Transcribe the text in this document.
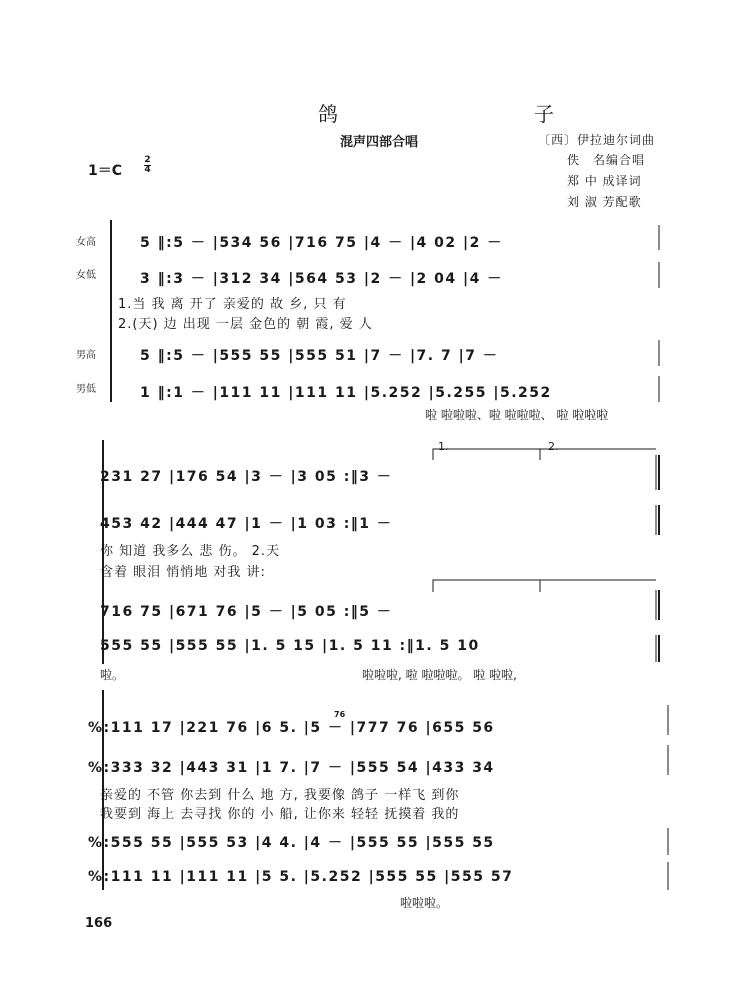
鸽　　子
混声四部合唱	〔西〕伊拉迪尔词曲
佚　名编合唱
郑 中 成译词
刘 淑 芳配歌
1＝C
2
4
女高
女低
男高
男低
5 ‖:5 － |534 56 |716 75 |4 － |4 02 |2 －
3 ‖:3 － |312 34 |564 53 |2 － |2 04 |4 －
1.当 我 离 开了 亲爱的 故 乡, 只 有
2.(天) 边 出现 一层 金色的 朝 霞, 爱 人
5 ‖:5 － |555 55 |555 51 |7 － |7. 7 |7 －
1 ‖:1 － |111 11 |111 11 |5.252 |5.255 |5.252
啦 啦啦啦、啦 啦啦啦、 啦 啦啦啦
1.	2.
231 27 |176 54 |3 － |3 05 :‖3 －
453 42 |444 47 |1 － |1 03 :‖1 －
你 知道 我多么 悲 伤。 2.天
含着 眼泪 悄悄地 对我 讲:
716 75 |671 76 |5 － |5 05 :‖5 －
555 55 |555 55 |1. 5 15 |1. 5 11 :‖1. 5 10
啦。	啦啦啦, 啦 啦啦啦。 啦 啦啦,
76
%:111 17 |221 76 |6 5. |5 － |777 76 |655 56
%:333 32 |443 31 |1 7. |7 － |555 54 |433 34
亲爱的 不管 你去到 什么 地 方, 我要像 鸽子 一样飞 到你
我要到 海上 去寻找 你的 小 船, 让你来 轻轻 抚摸着 我的
%:555 55 |555 53 |4 4. |4 － |555 55 |555 55
%:111 11 |111 11 |5 5. |5.252 |555 55 |555 57
啦啦啦。
166
